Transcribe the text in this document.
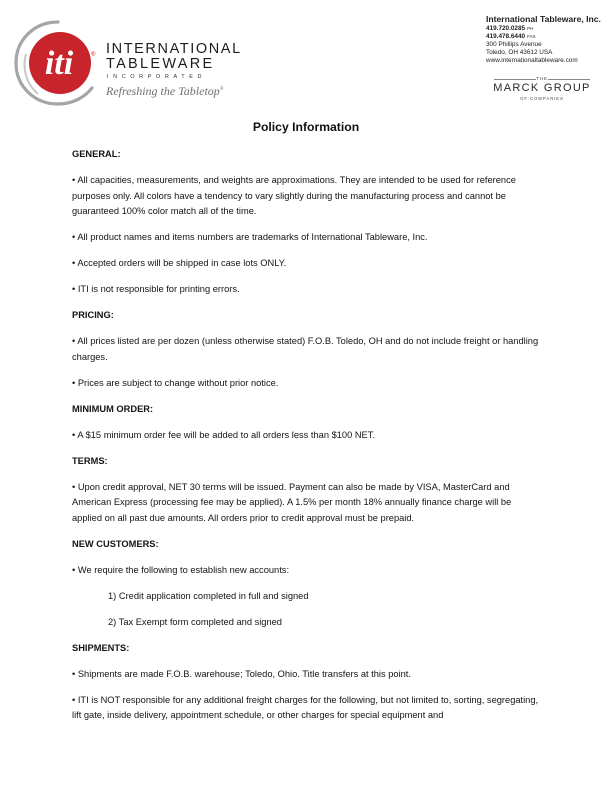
iti	® INTERNATIONAL
TABLEWARE
INCORPORATED
Refreshing the Tabletop®
International Tableware, Inc.
419.720.0285 PH
419.478.6440 FAX
300 Phillips Avenue
Toledo, OH 43612 USA
www.internationaltableware.com
THE
MARCK GROUP
OF COMPANIES
Policy Information
GENERAL:
• All capacities, measurements, and weights are approximations. They are intended to be used for reference purposes only. All colors have a tendency to vary slightly during the manufacturing process and cannot be guaranteed 100% color match all of the time.
• All product names and items numbers are trademarks of International Tableware, Inc.
• Accepted orders will be shipped in case lots ONLY.
• ITI is not responsible for printing errors.
PRICING:
• All prices listed are per dozen (unless otherwise stated) F.O.B. Toledo, OH and do not include freight or handling charges.
• Prices are subject to change without prior notice.
MINIMUM ORDER:
• A $15 minimum order fee will be added to all orders less than $100 NET.
TERMS:
• Upon credit approval, NET 30 terms will be issued. Payment can also be made by VISA, MasterCard and American Express (processing fee may be applied). A 1.5% per month 18% annually finance charge will be applied on all past due amounts. All orders prior to credit approval must be prepaid.
NEW CUSTOMERS:
• We require the following to establish new accounts:
1) Credit application completed in full and signed
2) Tax Exempt form completed and signed
SHIPMENTS:
• Shipments are made F.O.B. warehouse; Toledo, Ohio. Title transfers at this point.
• ITI is NOT responsible for any additional freight charges for the following, but not limited to, sorting, segregating, lift gate, inside delivery, appointment schedule, or other charges for special equipment and
